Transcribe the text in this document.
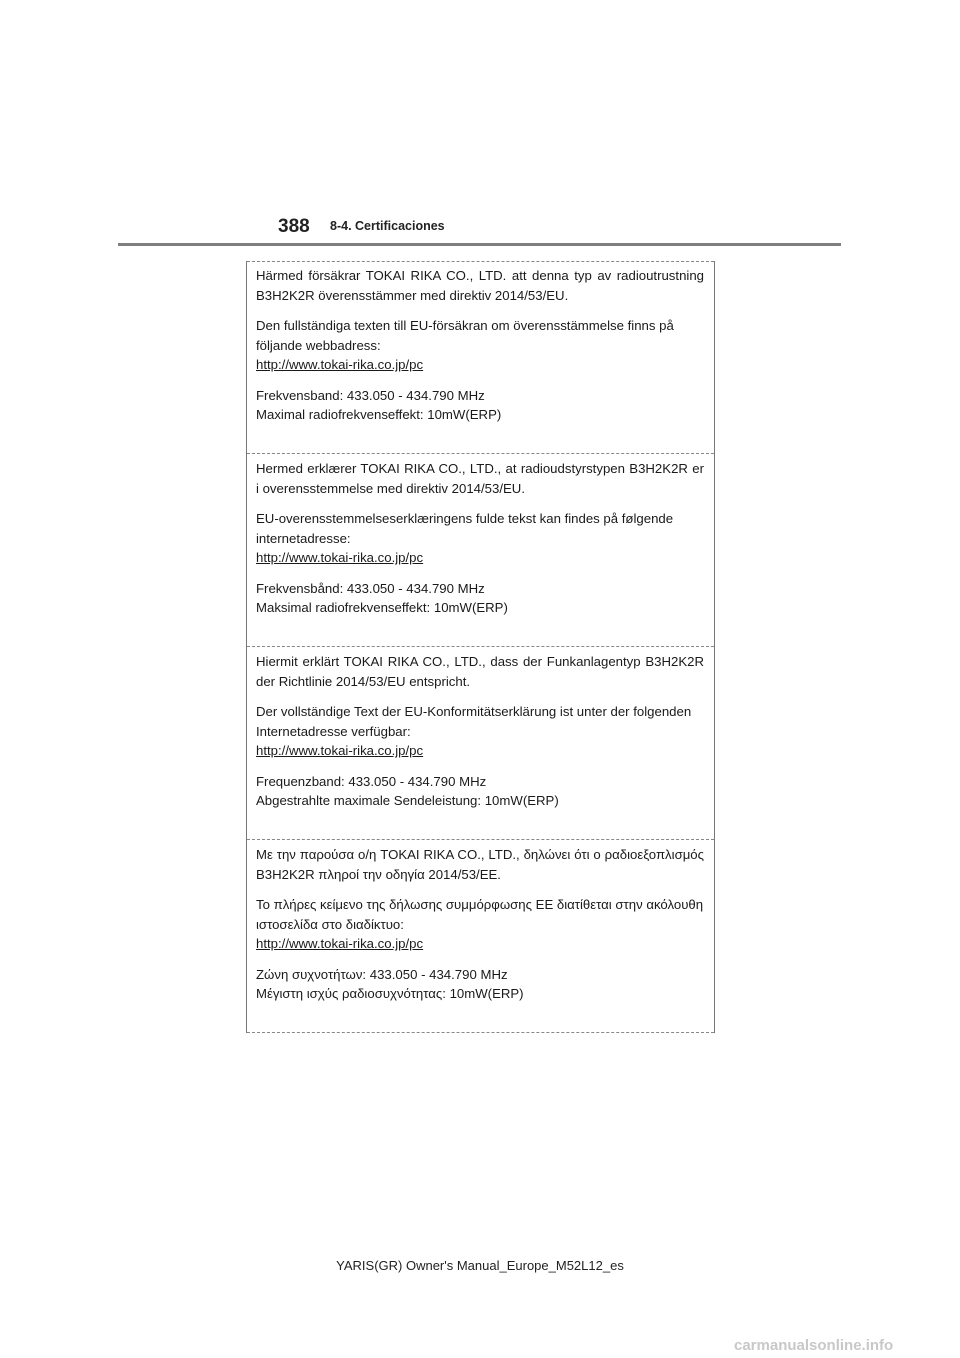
388 8-4. Certificaciones

Härmed försäkrar TOKAI RIKA CO., LTD. att denna typ av radioutrustning B3H2K2R överensstämmer med direktiv 2014/53/EU.

Den fullständiga texten till EU-försäkran om överensstämmelse finns på följande webbadress:
http://www.tokai-rika.co.jp/pc

Frekvensband: 433.050 - 434.790 MHz
Maximal radiofrekvenseffekt: 10mW(ERP)

Hermed erklærer TOKAI RIKA CO., LTD., at radioudstyrstypen B3H2K2R er i overensstemmelse med direktiv 2014/53/EU.

EU-overensstemmelseserklæringens fulde tekst kan findes på følgende internetadresse:
http://www.tokai-rika.co.jp/pc

Frekvensbånd: 433.050 - 434.790 MHz
Maksimal radiofrekvenseffekt: 10mW(ERP)

Hiermit erklärt TOKAI RIKA CO., LTD., dass der Funkanlagentyp B3H2K2R der Richtlinie 2014/53/EU entspricht.

Der vollständige Text der EU-Konformitätserklärung ist unter der folgenden Internetadresse verfügbar:
http://www.tokai-rika.co.jp/pc

Frequenzband: 433.050 - 434.790 MHz
Abgestrahlte maximale Sendeleistung: 10mW(ERP)

Με την παρούσα ο/η TOKAI RIKA CO., LTD., δηλώνει ότι ο ραδιοεξοπλισμός B3H2K2R πληροί την οδηγία 2014/53/ΕΕ.

Το πλήρες κείμενο της δήλωσης συμμόρφωσης ΕΕ διατίθεται στην ακόλουθη ιστοσελίδα στο διαδίκτυο:
http://www.tokai-rika.co.jp/pc

Ζώνη συχνοτήτων: 433.050 - 434.790 MHz
Μέγιστη ισχύς ραδιοσυχνότητας: 10mW(ERP)
YARIS(GR) Owner's Manual_Europe_M52L12_es
carmanualsonline.info
